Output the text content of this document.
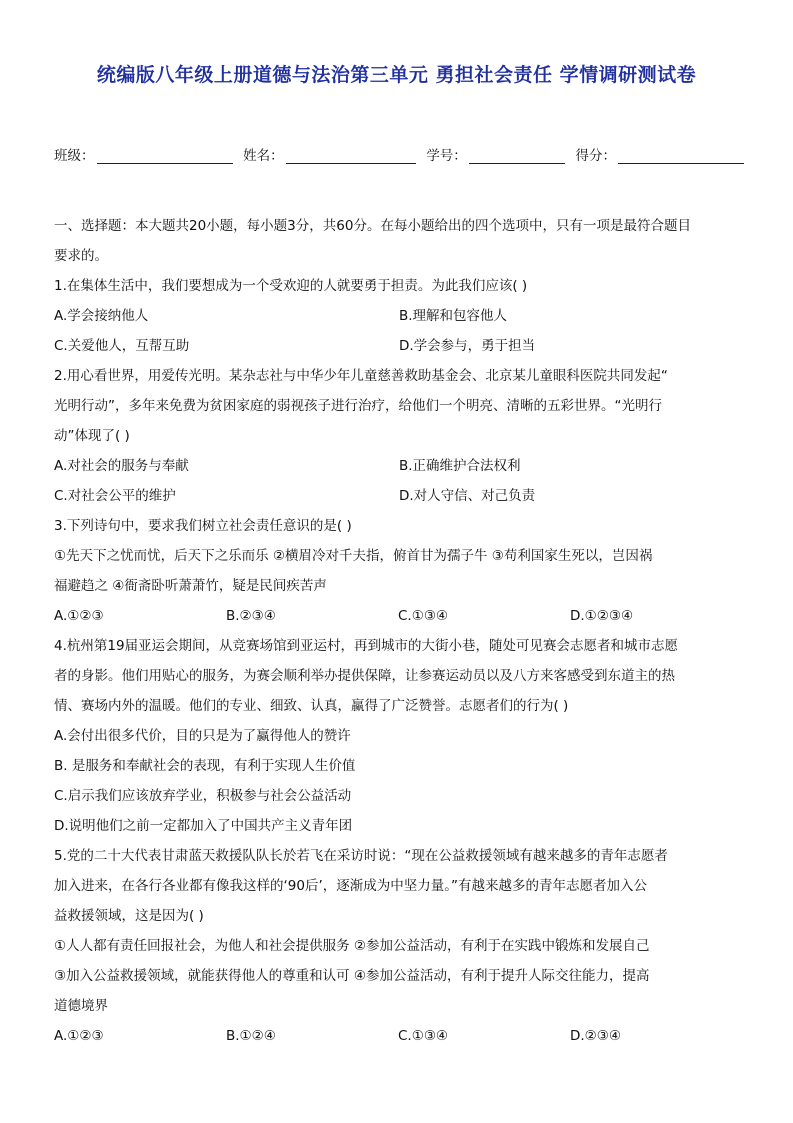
统编版八年级上册道德与法治第三单元 勇担社会责任 学情调研测试卷
班级：	姓名：	学号：	得分：
一、选择题：本大题共20小题，每小题3分，共60分。在每小题给出的四个选项中，只有一项是最符合题目
要求的。
1.在集体生活中，我们要想成为一个受欢迎的人就要勇于担责。为此我们应该( )
A.学会接纳他人	B.理解和包容他人
C.关爱他人，互帮互助	D.学会参与，勇于担当
2.用心看世界，用爱传光明。某杂志社与中华少年儿童慈善救助基金会、北京某儿童眼科医院共同发起“
光明行动”，多年来免费为贫困家庭的弱视孩子进行治疗，给他们一个明亮、清晰的五彩世界。“光明行
动”体现了( )
A.对社会的服务与奉献	B.正确维护合法权利
C.对社会公平的维护	D.对人守信、对己负责
3.下列诗句中，要求我们树立社会责任意识的是( )
①先天下之忧而忧，后天下之乐而乐 ②横眉冷对千夫指，俯首甘为孺子牛 ③苟利国家生死以，岂因祸
福避趋之 ④衙斋卧听萧萧竹，疑是民间疾苦声
A.①②③	B.②③④	C.①③④	D.①②③④
4.杭州第19届亚运会期间，从竞赛场馆到亚运村，再到城市的大街小巷，随处可见赛会志愿者和城市志愿
者的身影。他们用贴心的服务，为赛会顺利举办提供保障，让参赛运动员以及八方来客感受到东道主的热
情、赛场内外的温暖。他们的专业、细致、认真，赢得了广泛赞誉。志愿者们的行为( )
A.会付出很多代价，目的只是为了赢得他人的赞许
B. 是服务和奉献社会的表现，有利于实现人生价值
C.启示我们应该放弃学业，积极参与社会公益活动
D.说明他们之前一定都加入了中国共产主义青年团
5.党的二十大代表甘肃蓝天救援队队长於若飞在采访时说：“现在公益救援领域有越来越多的青年志愿者
加入进来，在各行各业都有像我这样的‘90后’，逐渐成为中坚力量。”有越来越多的青年志愿者加入公
益救援领域，这是因为( )
①人人都有责任回报社会，为他人和社会提供服务 ②参加公益活动，有利于在实践中锻炼和发展自己
③加入公益救援领域，就能获得他人的尊重和认可 ④参加公益活动，有利于提升人际交往能力，提高
道德境界
A.①②③	B.①②④	C.①③④	D.②③④
